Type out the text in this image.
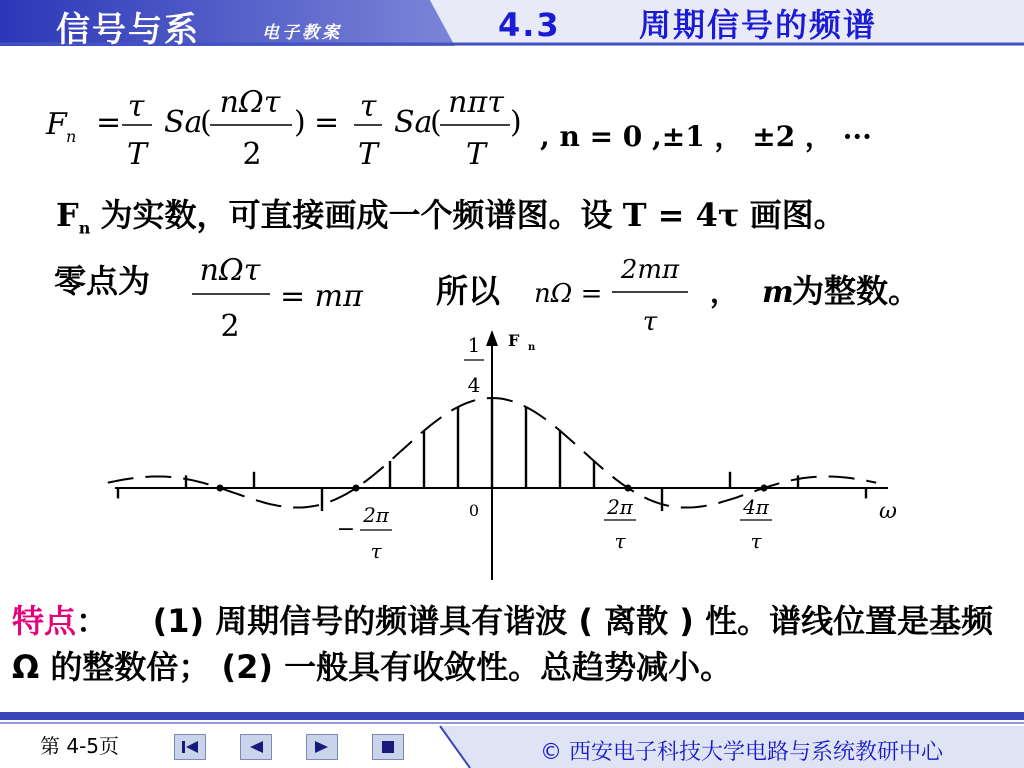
信号与系	电子教案	4.3 周期信号的频谱
F n = τ
T
Sa
(
nΩτ
2
) = τ
T
Sa
(
nπτ
T
) , n = 0 ,±1 ， ±2 ， ···
$F_n$ 为实数，可直接画成一个频谱图。设 T = 4τ 画图。
零点为 nΩτ
2
= mπ 所以 nΩ =
2mπ
τ
， m
为整数。
F n
1
4
0	ω
−
2π
τ
2π
τ
4π
τ
特点： (1) 周期信号的频谱具有谐波 ( 离散 ) 性。谱线位置是基频 Ω 的整数倍； (2) 一般具有收敛性。总趋势减小。
第 4-5页	© 西安电子科技大学电路与系统教研中心
